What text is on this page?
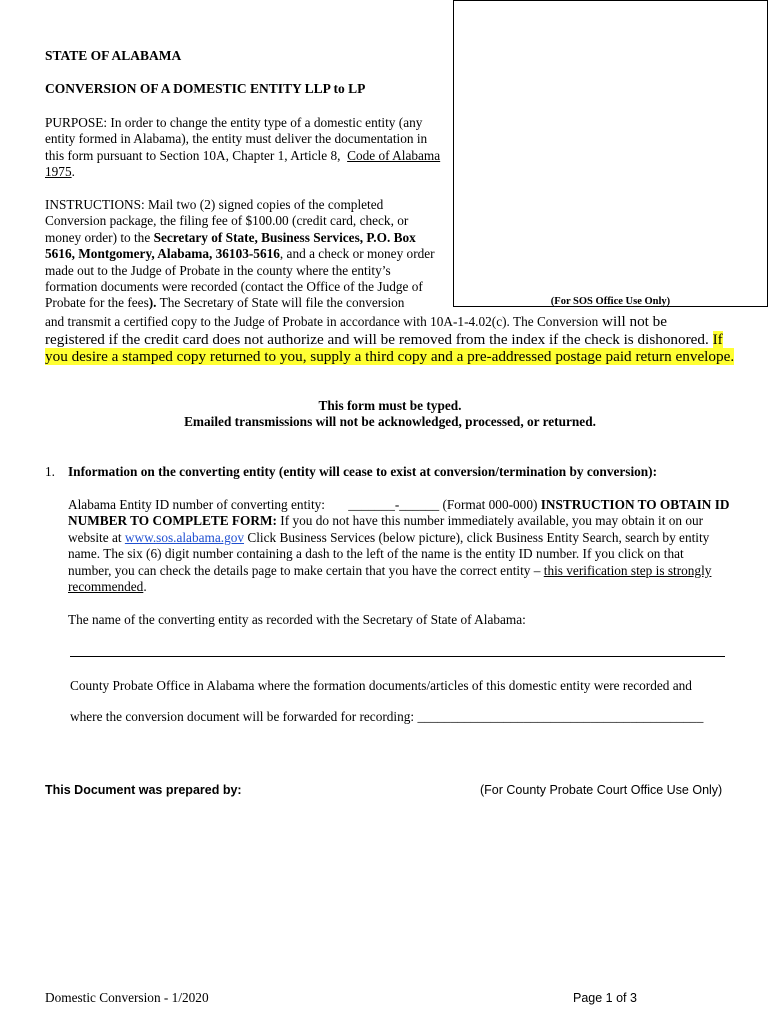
(For SOS Office Use Only)
STATE OF ALABAMA
CONVERSION OF A DOMESTIC ENTITY LLP to LP
PURPOSE: In order to change the entity type of a domestic entity (any entity formed in Alabama), the entity must deliver the documentation in this form pursuant to Section 10A, Chapter 1, Article 8, Code of Alabama 1975.
INSTRUCTIONS: Mail two (2) signed copies of the completed Conversion package, the filing fee of $100.00 (credit card, check, or money order) to the Secretary of State, Business Services, P.O. Box 5616, Montgomery, Alabama, 36103-5616, and a check or money order made out to the Judge of Probate in the county where the entity’s formation documents were recorded (contact the Office of the Judge of Probate for the fees). The Secretary of State will file the conversion
and transmit a certified copy to the Judge of Probate in accordance with 10A-1-4.02(c). The Conversion will not be
registered if the credit card does not authorize and will be removed from the index if the check is dishonored. If you desire a stamped copy returned to you, supply a third copy and a pre-addressed postage paid return envelope.
This form must be typed.
Emailed transmissions will not be acknowledged, processed, or returned.
1. Information on the converting entity (entity will cease to exist at conversion/termination by conversion):
Alabama Entity ID number of converting entity: _______-______ (Format 000-000) INSTRUCTION TO OBTAIN ID NUMBER TO COMPLETE FORM: If you do not have this number immediately available, you may obtain it on our website at www.sos.alabama.gov Click Business Services (below picture), click Business Entity Search, search by entity name. The six (6) digit number containing a dash to the left of the name is the entity ID number. If you click on that number, you can check the details page to make certain that you have the correct entity – this verification step is strongly recommended.
The name of the converting entity as recorded with the Secretary of State of Alabama:
County Probate Office in Alabama where the formation documents/articles of this domestic entity were recorded and
where the conversion document will be forwarded for recording: ___________________________________________
This Document was prepared by:	(For County Probate Court Office Use Only)
Domestic Conversion - 1/2020	Page 1 of 3
